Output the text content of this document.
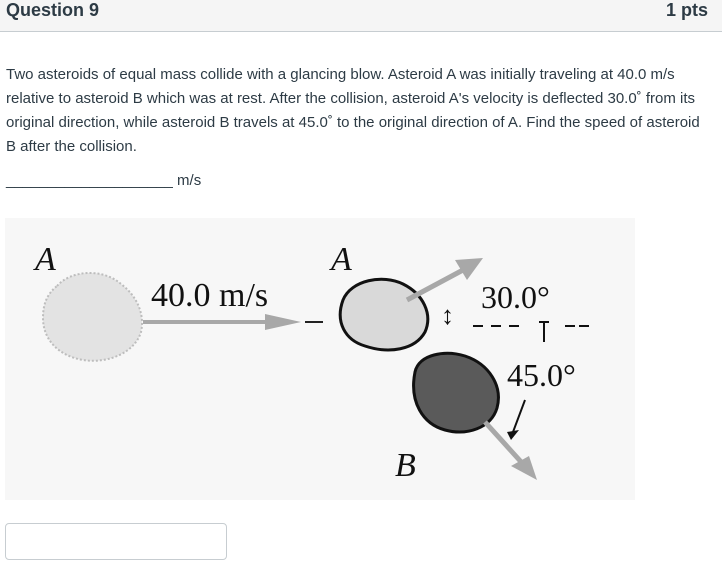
Question 9	1 pts
Two asteroids of equal mass collide with a glancing blow. Asteroid A was initially traveling at 40.0 m/s relative to asteroid B which was at rest. After the collision, asteroid A's velocity is deflected 30.0˚ from its original direction, while asteroid B travels at 45.0˚ to the original direction of A. Find the speed of asteroid B after the collision.
____________________ m/s
↕
A	A
B
40.0 m/s	30.0°
45.0°
